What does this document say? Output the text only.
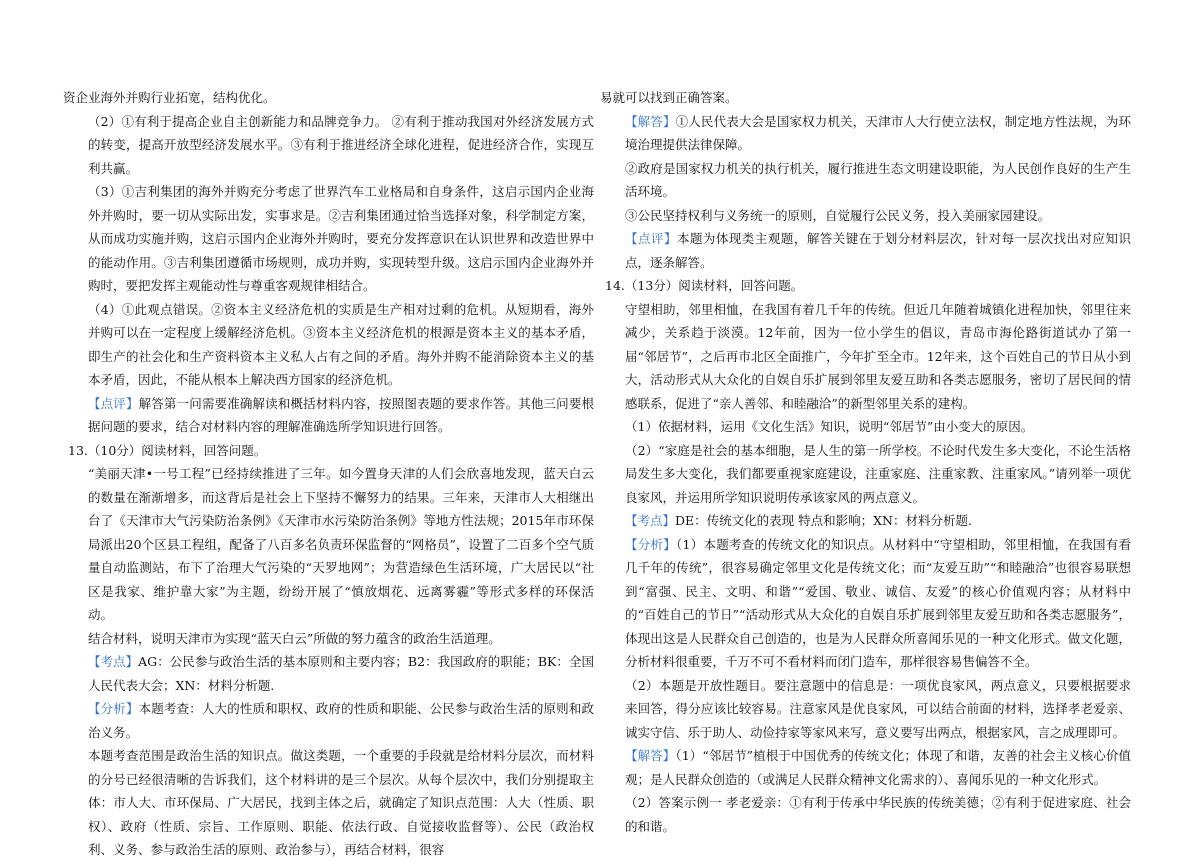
资企业海外并购行业拓宽，结构优化。

（2）①有利于提高企业自主创新能力和品牌竞争力。 ②有利于推动我国对外经济发展方式的转变，提高开放型经济发展水平。③有利于推进经济全球化进程，促进经济合作，实现互利共赢。

（3）①吉利集团的海外并购充分考虑了世界汽车工业格局和自身条件，这启示国内企业海外并购时，要一切从实际出发，实事求是。②吉利集团通过恰当选择对象，科学制定方案，从而成功实施并购，这启示国内企业海外并购时，要充分发挥意识在认识世界和改造世界中的能动作用。③吉利集团遵循市场规则，成功并购，实现转型升级。这启示国内企业海外并购时，要把发挥主观能动性与尊重客观规律相结合。

（4）①此观点错误。②资本主义经济危机的实质是生产相对过剩的危机。从短期看，海外并购可以在一定程度上缓解经济危机。③资本主义经济危机的根源是资本主义的基本矛盾，即生产的社会化和生产资料资本主义私人占有之间的矛盾。海外并购不能消除资本主义的基本矛盾，因此，不能从根本上解决西方国家的经济危机。

【点评】解答第一问需要准确解读和概括材料内容，按照图表题的要求作答。其他三问要根据问题的要求，结合对材料内容的理解准确选所学知识进行回答。

13.（10分）阅读材料，回答问题。

“美丽天津•一号工程”已经持续推进了三年。如今置身天津的人们会欣喜地发现，蓝天白云的数量在渐渐增多，而这背后是社会上下坚持不懈努力的结果。三年来，天津市人大相继出台了《天津市大气污染防治条例》《天津市水污染防治条例》等地方性法规；2015年市环保局派出20个区县工程组，配备了八百多名负责环保监督的“网格员”，设置了二百多个空气质量自动监测站，布下了治理大气污染的“天罗地网”；为营造绿色生活环境，广大居民以“社区是我家、维护靠大家”为主题，纷纷开展了“慎放烟花、远离雾霾”等形式多样的环保活动。

结合材料，说明天津市为实现“蓝天白云”所做的努力蕴含的政治生活道理。

【考点】AG：公民参与政治生活的基本原则和主要内容；B2：我国政府的职能；BK：全国人民代表大会；XN：材料分析题.

【分析】本题考查：人大的性质和职权、政府的性质和职能、公民参与政治生活的原则和政治义务。

本题考查范围是政治生活的知识点。做这类题，一个重要的手段就是给材料分层次，而材料的分号已经很清晰的告诉我们，这个材料讲的是三个层次。从每个层次中，我们分别提取主体：市人大、市环保局、广大居民，找到主体之后，就确定了知识点范围：人大（性质、职权）、政府（性质、宗旨、工作原则、职能、依法行政、自觉接收监督等）、公民（政治权利、义务、参与政治生活的原则、政治参与），再结合材料，很容

易就可以找到正确答案。

【解答】①人民代表大会是国家权力机关，天津市人大行使立法权，制定地方性法规，为环境治理提供法律保障。

②政府是国家权力机关的执行机关，履行推进生态文明建设职能，为人民创作良好的生产生活环境。

③公民坚持权利与义务统一的原则，自觉履行公民义务，投入美丽家园建设。

【点评】本题为体现类主观题，解答关键在于划分材料层次，针对每一层次找出对应知识点，逐条解答。

14.（13分）阅读材料，回答问题。

守望相助，邻里相恤，在我国有着几千年的传统。但近几年随着城镇化进程加快，邻里往来减少，关系趋于淡漠。12年前，因为一位小学生的倡议，青岛市海伦路街道试办了第一届“邻居节”，之后再市北区全面推广，今年扩至全市。12年来，这个百姓自己的节日从小到大，活动形式从大众化的自娱自乐扩展到邻里友爱互助和各类志愿服务，密切了居民间的情感联系，促进了“亲人善邻、和睦融洽”的新型邻里关系的建构。

（1）依据材料，运用《文化生活》知识，说明“邻居节”由小变大的原因。

（2）“家庭是社会的基本细胞，是人生的第一所学校。不论时代发生多大变化，不论生活格局发生多大变化，我们都要重视家庭建设，注重家庭、注重家教、注重家风。”请列举一项优良家风，并运用所学知识说明传承该家风的两点意义。

【考点】DE：传统文化的表现 特点和影响；XN：材料分析题.

【分析】（1）本题考查的传统文化的知识点。从材料中“守望相助，邻里相恤，在我国有看几千年的传统”，很容易确定邻里文化是传统文化；而“友爱互助”“和睦融洽”也很容易联想到“富强、民主、文明、和谐”“爱国、敬业、诚信、友爱”的核心价值观内容；从材料中的“百姓自己的节日”“活动形式从大众化的自娱自乐扩展到邻里友爱互助和各类志愿服务”，体现出这是人民群众自己创造的，也是为人民群众所喜闻乐见的一种文化形式。做文化题，分析材料很重要，千万不可不看材料而闭门造车，那样很容易售偏答不全。

（2）本题是开放性题目。要注意题中的信息是：一项优良家风，两点意义，只要根据要求来回答，得分应该比较容易。注意家风是优良家风，可以结合前面的材料，选择孝老爱亲、诚实守信、乐于助人、动俭持家等家风来写，意义要写出两点，根据家风，言之成理即可。

【解答】（1）“邻居节”植根于中国优秀的传统文化；体现了和谐，友善的社会主义核心价值观；是人民群众创造的（或满足人民群众精神文化需求的）、喜闻乐见的一种文化形式。

（2）答案示例一 孝老爱亲：①有利于传承中华民族的传统美德；②有利于促进家庭、社会的和谐。
